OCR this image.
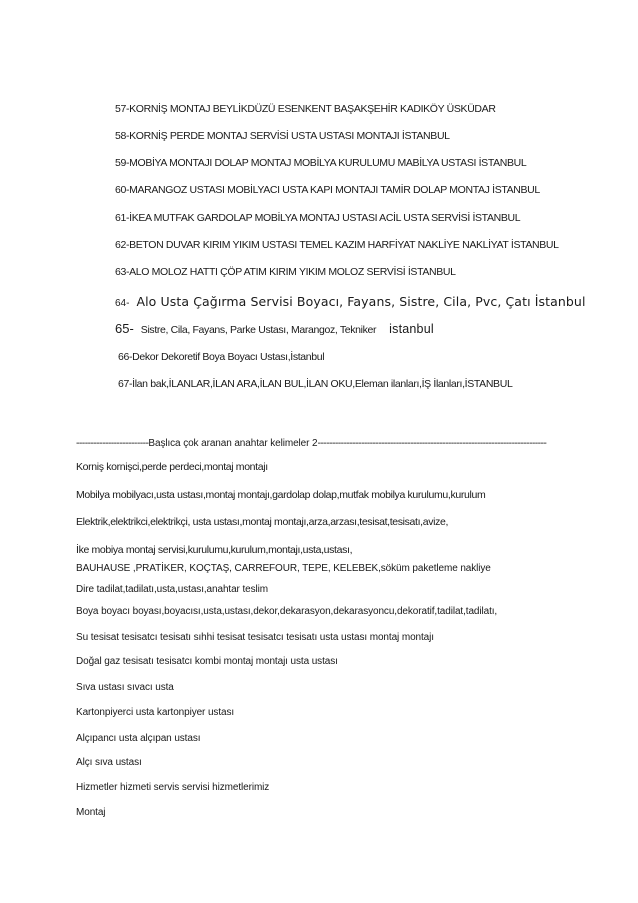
57-KORNİŞ MONTAJ BEYLİKDÜZÜ ESENKENT BAŞAKŞEHİR KADIKÖY ÜSKÜDAR
58-KORNİŞ PERDE MONTAJ SERVİSİ USTA USTASI MONTAJI İSTANBUL
59-MOBİYA MONTAJI DOLAP MONTAJ MOBİLYA KURULUMU MABİLYA USTASI İSTANBUL
60-MARANGOZ USTASI MOBİLYACI USTA KAPI MONTAJI TAMİR DOLAP MONTAJ İSTANBUL
61-İKEA MUTFAK GARDOLAP MOBİLYA MONTAJ USTASI ACİL USTA SERVİSİ İSTANBUL
62-BETON DUVAR KIRIM YIKIM USTASI TEMEL KAZIM HARFİYAT NAKLİYE NAKLİYAT İSTANBUL
63-ALO MOLOZ HATTI ÇÖP ATIM KIRIM YIKIM MOLOZ SERVİSİ İSTANBUL
64- Alo Usta Çağırma Servisi Boyacı, Fayans, Sistre, Cila, Pvc, Çatı İstanbul
65- Sistre, Cila, Fayans, Parke Ustası, Marangoz, Tekniker istanbul
66-Dekor Dekoretif Boya Boyacı Ustası,İstanbul
67-İlan bak,İLANLAR,İLAN ARA,İLAN BUL,İLAN OKU,Eleman ilanları,İŞ İlanları,İSTANBUL
-------------------------Başlıca çok aranan anahtar kelimeler 2-------------------------------------------------------------------------------
Korniş kornişci,perde perdeci,montaj montajı
Mobilya mobilyacı,usta ustası,montaj montajı,gardolap dolap,mutfak mobilya kurulumu,kurulum
Elektrik,elektrikci,elektrikçi, usta ustası,montaj montajı,arza,arzası,tesisat,tesisatı,avize,
İke mobiya montaj servisi,kurulumu,kurulum,montajı,usta,ustası,
BAUHAUSE ,PRATİKER, KOÇTAŞ, CARREFOUR, TEPE, KELEBEK,söküm paketleme nakliye
Dire tadilat,tadilatı,usta,ustası,anahtar teslim
Boya boyacı boyası,boyacısı,usta,ustası,dekor,dekarasyon,dekarasyoncu,dekoratif,tadilat,tadilatı,
Su tesisat tesisatcı tesisatı sıhhi tesisat tesisatcı tesisatı usta ustası montaj montajı
Doğal gaz tesisatı tesisatcı kombi montaj montajı usta ustası
Sıva ustası sıvacı usta
Kartonpiyerci usta kartonpiyer ustası
Alçıpancı usta alçıpan ustası
Alçı sıva ustası
Hizmetler hizmeti servis servisi hizmetlerimiz
Montaj
